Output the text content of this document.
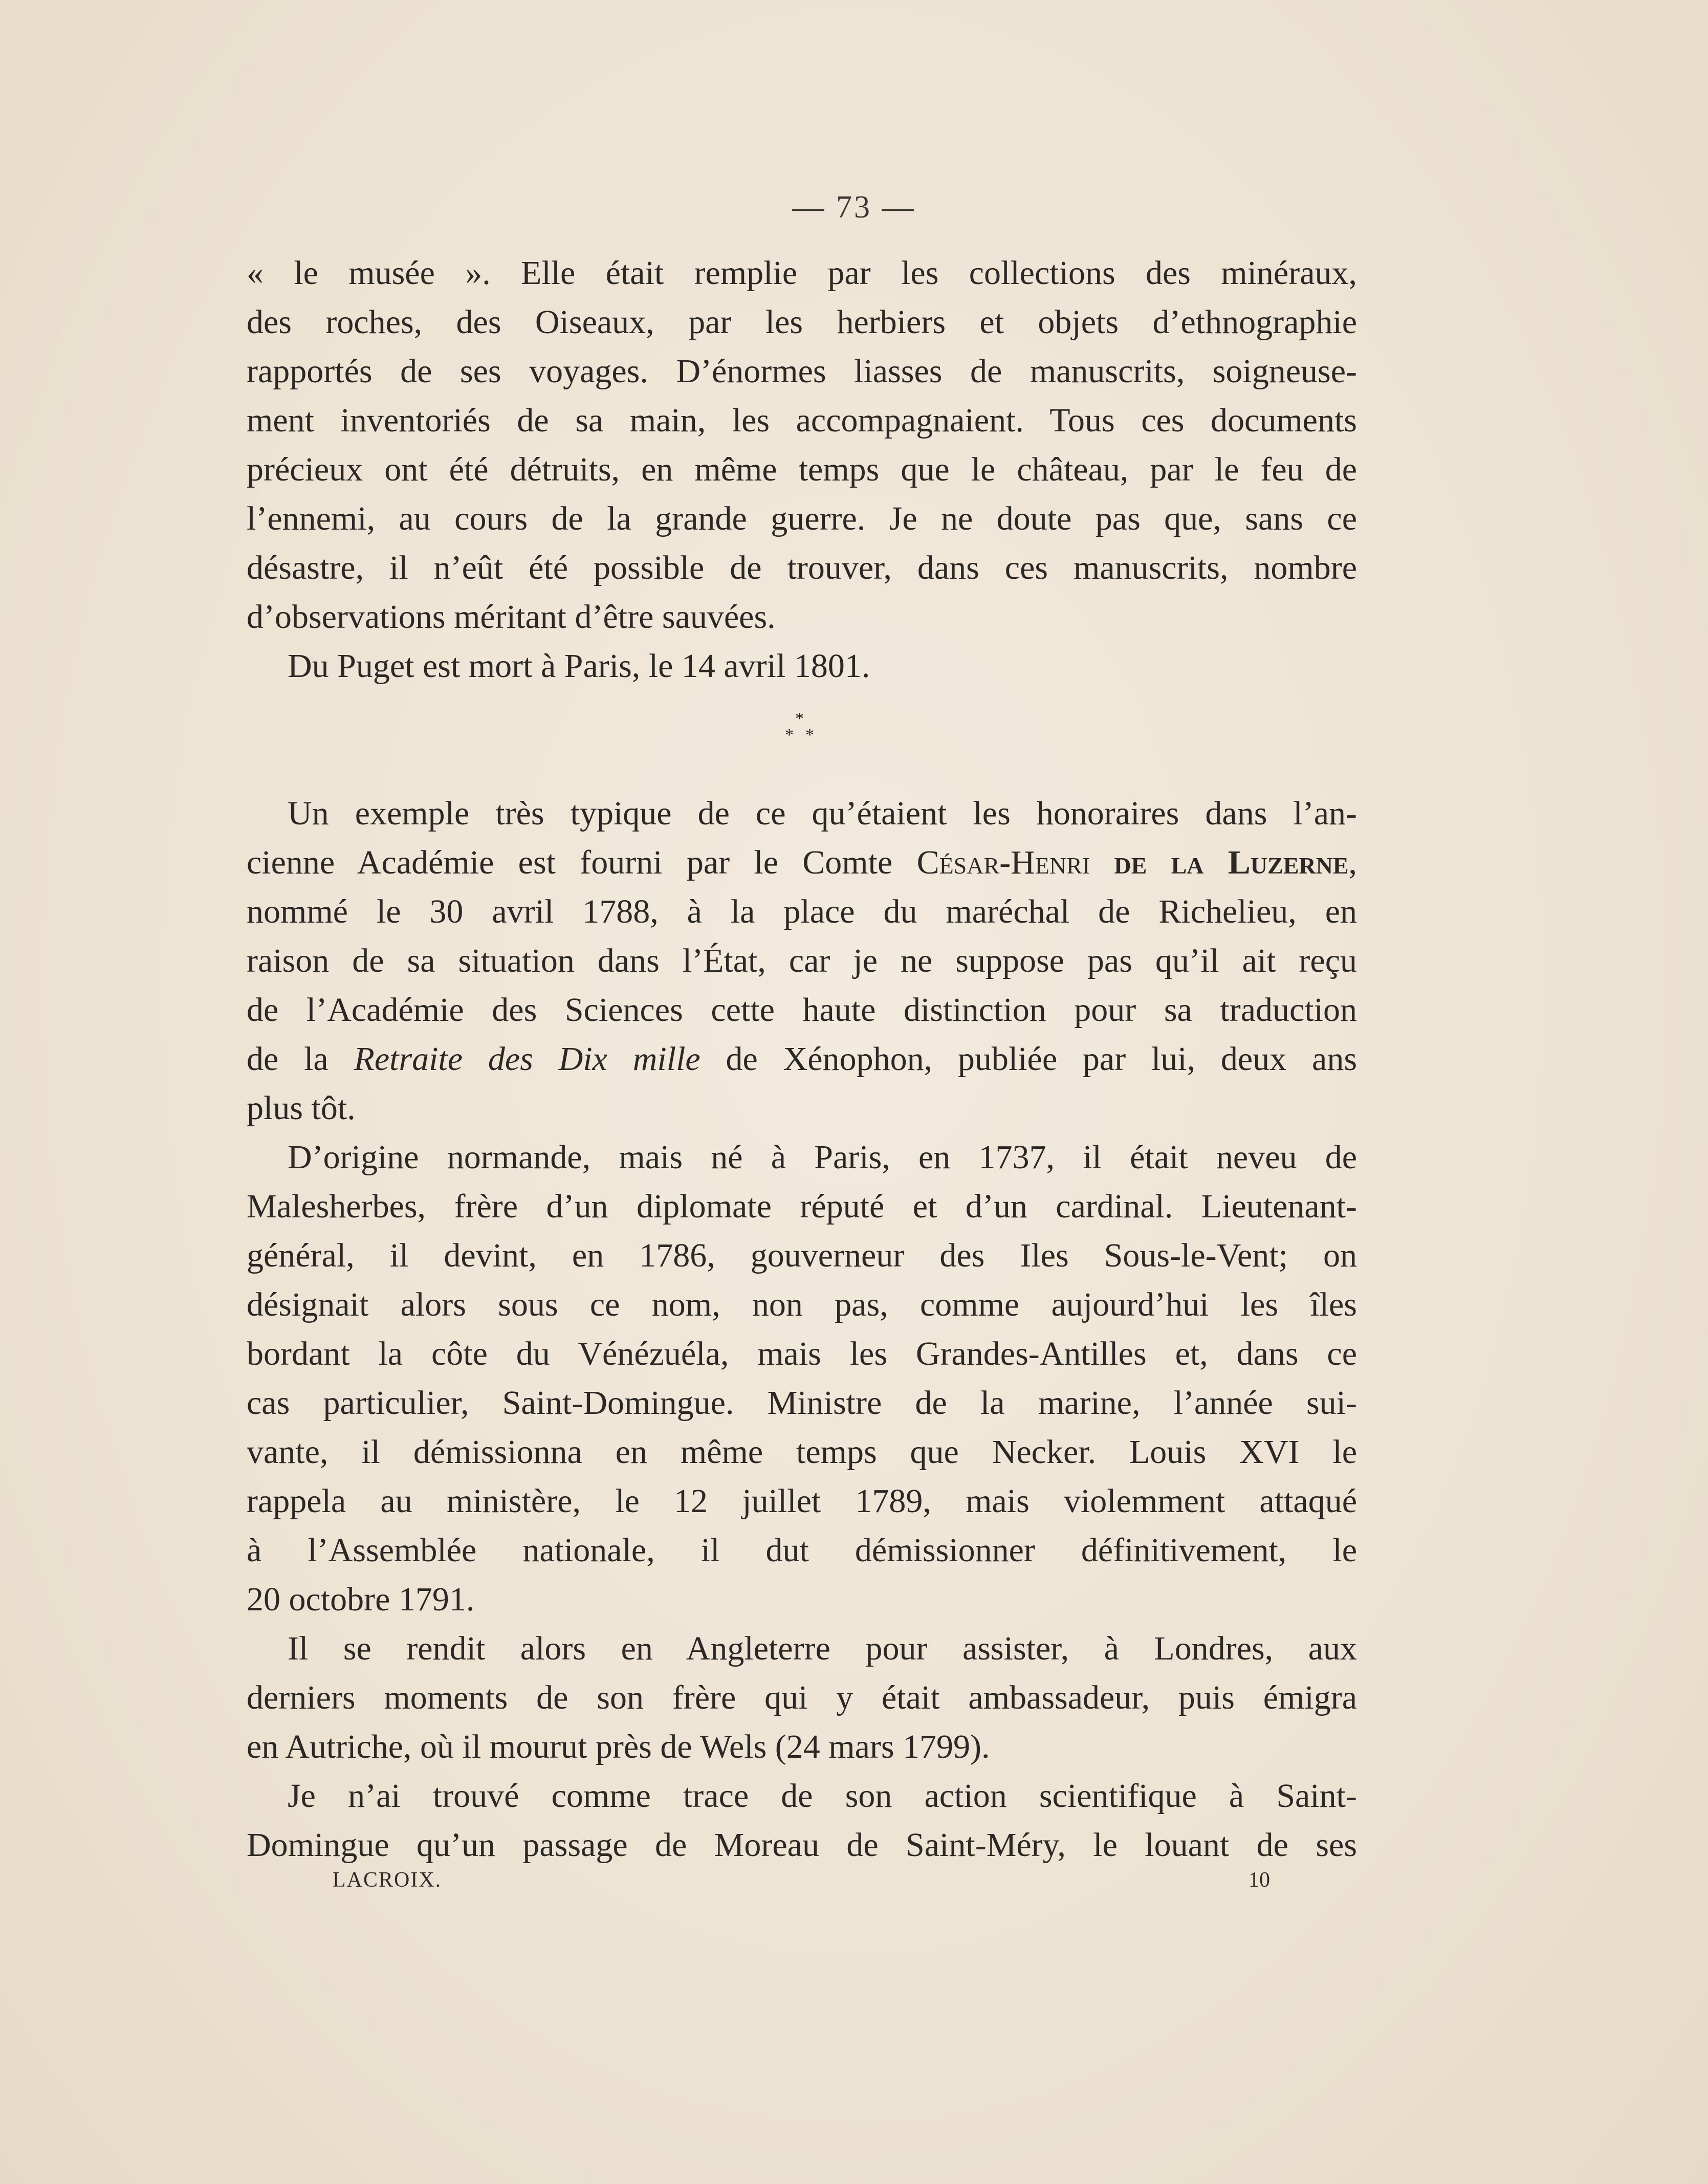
— 73 —
« le musée ». Elle était remplie par les collections des minéraux,
des roches, des Oiseaux, par les herbiers et objets d’ethnographie
rapportés de ses voyages. D’énormes liasses de manuscrits, soigneuse-
ment inventoriés de sa main, les accompagnaient. Tous ces documents
précieux ont été détruits, en même temps que le château, par le feu de
l’ennemi, au cours de la grande guerre. Je ne doute pas que, sans ce
désastre, il n’eût été possible de trouver, dans ces manuscrits, nombre
d’observations méritant d’être sauvées.
Du Puget est mort à Paris, le 14 avril 1801.
*
* *
Un exemple très typique de ce qu’étaient les honoraires dans l’an-
cienne Académie est fourni par le Comte César-Henri de la Luzerne,
nommé le 30 avril 1788, à la place du maréchal de Richelieu, en
raison de sa situation dans l’État, car je ne suppose pas qu’il ait reçu
de l’Académie des Sciences cette haute distinction pour sa traduction
de la Retraite des Dix mille de Xénophon, publiée par lui, deux ans
plus tôt.
D’origine normande, mais né à Paris, en 1737, il était neveu de
Malesherbes, frère d’un diplomate réputé et d’un cardinal. Lieutenant-
général, il devint, en 1786, gouverneur des Iles Sous-le-Vent; on
désignait alors sous ce nom, non pas, comme aujourd’hui les îles
bordant la côte du Vénézuéla, mais les Grandes-Antilles et, dans ce
cas particulier, Saint-Domingue. Ministre de la marine, l’année sui-
vante, il démissionna en même temps que Necker. Louis XVI le
rappela au ministère, le 12 juillet 1789, mais violemment attaqué
à l’Assemblée nationale, il dut démissionner définitivement, le
20 octobre 1791.
Il se rendit alors en Angleterre pour assister, à Londres, aux
derniers moments de son frère qui y était ambassadeur, puis émigra
en Autriche, où il mourut près de Wels (24 mars 1799).
Je n’ai trouvé comme trace de son action scientifique à Saint-
Domingue qu’un passage de Moreau de Saint-Méry, le louant de ses
LACROIX.	10
